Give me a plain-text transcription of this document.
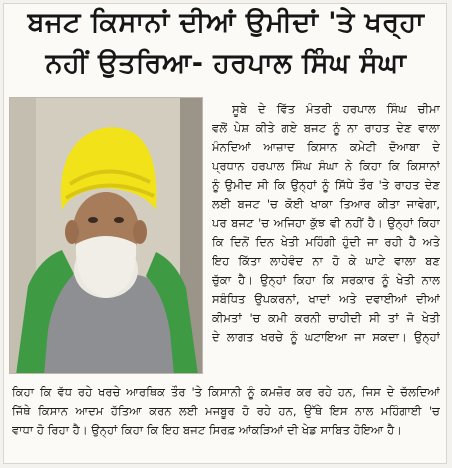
ਬਜਟ ਕਿਸਾਨਾਂ ਦੀਆਂ ਉਮੀਦਾਂ 'ਤੇ ਖਰ੍ਹਾ
ਨਹੀਂ ਉਤਰਿਆ- ਹਰਪਾਲ ਸਿੰਘ ਸੰਘਾ
ਸੂਬੇ ਦੇ ਵਿੱਤ ਮੰਤਰੀ ਹਰਪਾਲ ਸਿੰਘ ਚੀਮਾ
ਵਲੋਂ ਪੇਸ਼ ਕੀਤੇ ਗਏ ਬਜਟ ਨੂੰ ਨਾ ਰਾਹਤ ਦੇਣ ਵਾਲਾ
ਮੰਨਦਿਆਂ ਆਜ਼ਾਦ ਕਿਸਾਨ ਕਮੇਟੀ ਦੋਆਬਾ ਦੇ
ਪ੍ਰਧਾਨ ਹਰਪਾਲ ਸਿੰਘ ਸੰਘਾ ਨੇ ਕਿਹਾ ਕਿ ਕਿਸਾਨਾਂ
ਨੂੰ ਉਮੀਦ ਸੀ ਕਿ ਉਨ੍ਹਾਂ ਨੂੰ ਸਿੱਧੇ ਤੌਰ 'ਤੇ ਰਾਹਤ ਦੇਣ
ਲਈ ਬਜਟ 'ਚ ਕੋਈ ਖਾਕਾ ਤਿਆਰ ਕੀਤਾ ਜਾਵੇਗਾ,
ਪਰ ਬਜਟ 'ਚ ਅਜਿਹਾ ਕੁੱਝ ਵੀ ਨਹੀਂ ਹੈ। ਉਨ੍ਹਾਂ ਕਿਹਾ
ਕਿ ਦਿਨੋਂ ਦਿਨ ਖੇਤੀ ਮਹਿੰਗੀ ਹੁੰਦੀ ਜਾ ਰਹੀ ਹੈ ਅਤੇ
ਇਹ ਕਿੱਤਾ ਲਾਹੇਵੰਦ ਨਾ ਹੋ ਕੇ ਘਾਟੇ ਵਾਲਾ ਬਣ
ਚੁੱਕਾ ਹੈ। ਉਨ੍ਹਾਂ ਕਿਹਾ ਕਿ ਸਰਕਾਰ ਨੂੰ ਖੇਤੀ ਨਾਲ
ਸਬੰਧਿਤ ਉਪਕਰਨਾਂ, ਖਾਦਾਂ ਅਤੇ ਦਵਾਈਆਂ ਦੀਆਂ
ਕੀਮਤਾਂ 'ਚ ਕਮੀ ਕਰਨੀ ਚਾਹੀਦੀ ਸੀ ਤਾਂ ਜੋ ਖੇਤੀ
ਦੇ ਲਾਗਤ ਖਰਚੇ ਨੂੰ ਘਟਾਇਆ ਜਾ ਸਕਦਾ। ਉਨ੍ਹਾਂ
ਕਿਹਾ ਕਿ ਵੱਧ ਰਹੇ ਖਰਚੇ ਆਰਥਿਕ ਤੌਰ 'ਤੇ ਕਿਸਾਨੀ ਨੂੰ ਕਮਜ਼ੋਰ ਕਰ ਰਹੇ ਹਨ, ਜਿਸ ਦੇ ਚੱਲਦਿਆਂ
ਜਿੱਥੇ ਕਿਸਾਨ ਆਦਮ ਹੱਤਿਆ ਕਰਨ ਲਈ ਮਜਬੂਰ ਹੋ ਰਹੇ ਹਨ, ਉੱਥੇ ਇਸ ਨਾਲ ਮਹਿੰਗਾਈ 'ਚ
ਵਾਧਾ ਹੋ ਰਿਹਾ ਹੈ। ਉਨ੍ਹਾਂ ਕਿਹਾ ਕਿ ਇਹ ਬਜਟ ਸਿਰਫ਼ ਆਂਕੜਿਆਂ ਦੀ ਖੇਡ ਸਾਬਿਤ ਹੋਇਆ ਹੈ।
